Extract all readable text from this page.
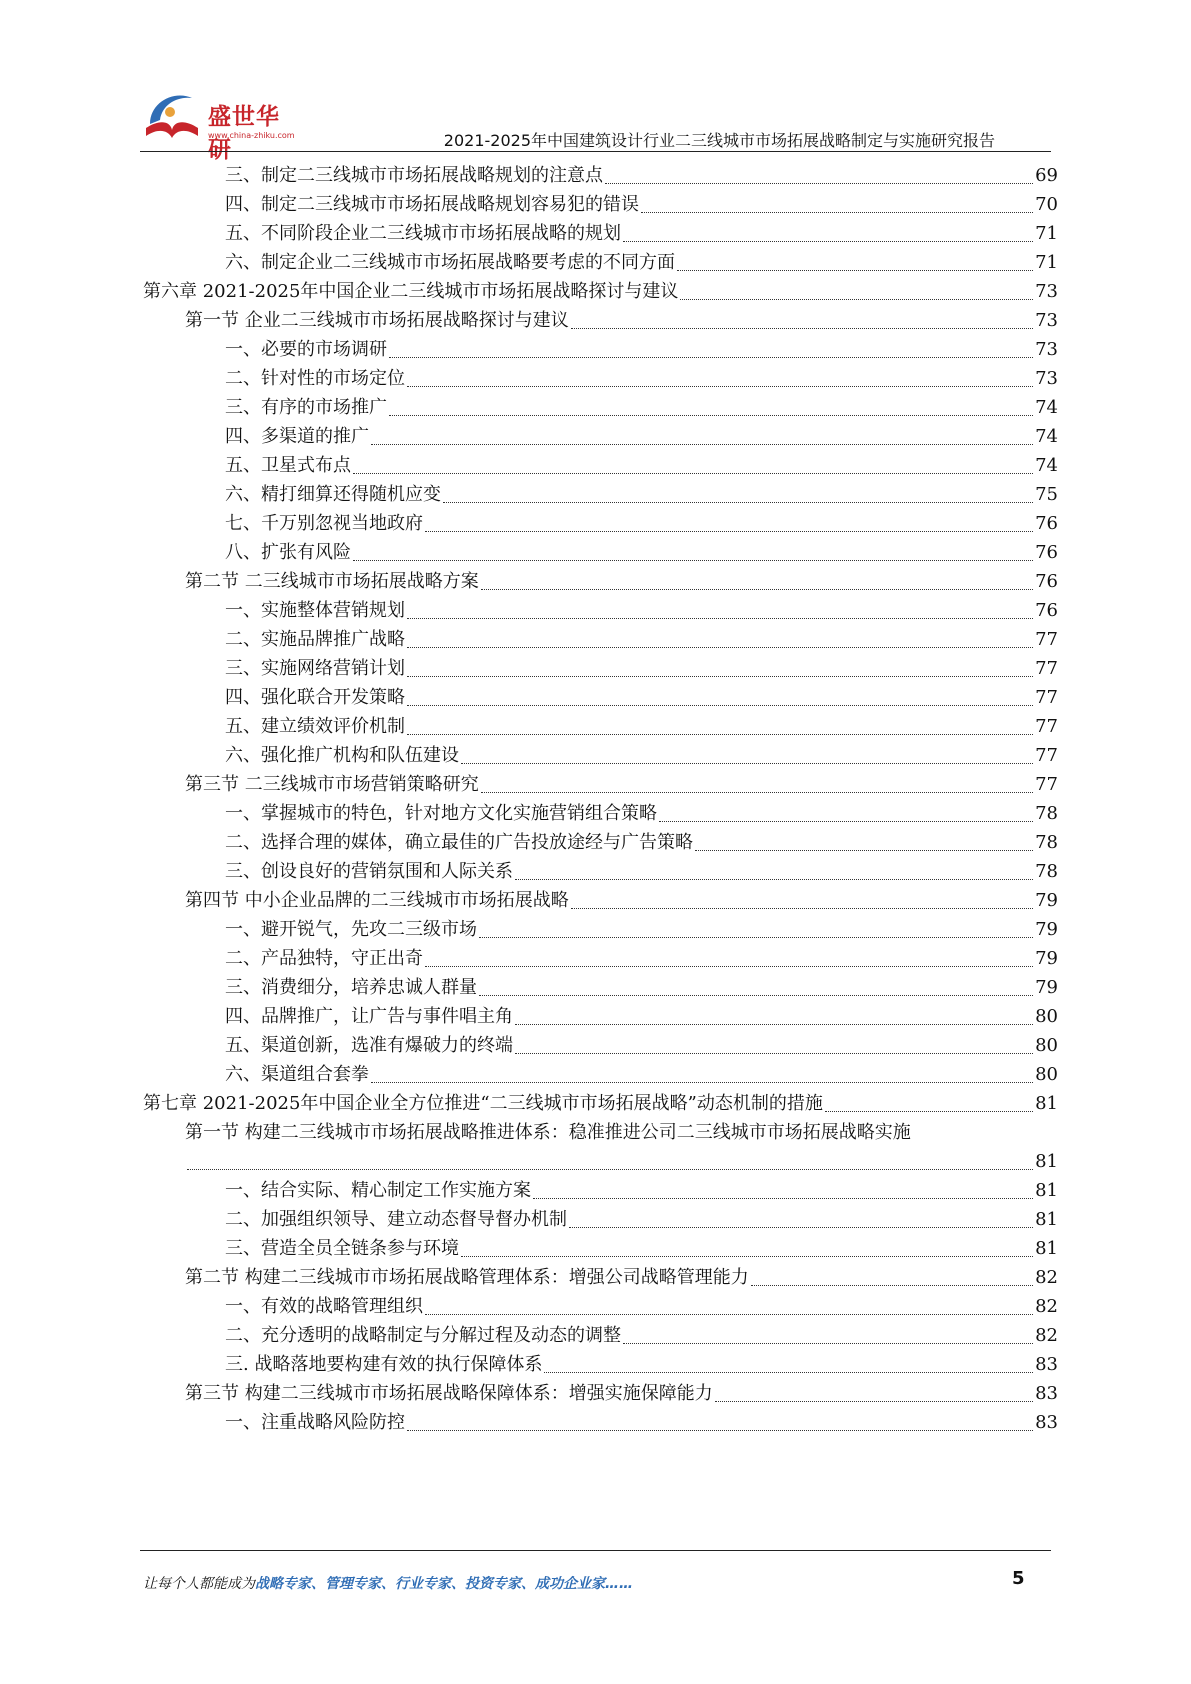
盛世华研
www.china-zhiku.com	2021-2025年中国建筑设计行业二三线城市市场拓展战略制定与实施研究报告
三、制定二三线城市市场拓展战略规划的注意点	69
四、制定二三线城市市场拓展战略规划容易犯的错误	70
五、不同阶段企业二三线城市市场拓展战略的规划	71
六、制定企业二三线城市市场拓展战略要考虑的不同方面	71
第六章 2021-2025年中国企业二三线城市市场拓展战略探讨与建议	73
第一节 企业二三线城市市场拓展战略探讨与建议	73
一、必要的市场调研	73
二、针对性的市场定位	73
三、有序的市场推广	74
四、多渠道的推广	74
五、卫星式布点	74
六、精打细算还得随机应变	75
七、千万别忽视当地政府	76
八、扩张有风险	76
第二节 二三线城市市场拓展战略方案	76
一、实施整体营销规划	76
二、实施品牌推广战略	77
三、实施网络营销计划	77
四、强化联合开发策略	77
五、建立绩效评价机制	77
六、强化推广机构和队伍建设	77
第三节 二三线城市市场营销策略研究	77
一、掌握城市的特色，针对地方文化实施营销组合策略	78
二、选择合理的媒体，确立最佳的广告投放途经与广告策略	78
三、创设良好的营销氛围和人际关系	78
第四节 中小企业品牌的二三线城市市场拓展战略	79
一、避开锐气，先攻二三级市场	79
二、产品独特，守正出奇	79
三、消费细分，培养忠诚人群量	79
四、品牌推广，让广告与事件唱主角	80
五、渠道创新，选准有爆破力的终端	80
六、渠道组合套拳	80
第七章 2021-2025年中国企业全方位推进“二三线城市市场拓展战略”动态机制的措施	81
第一节 构建二三线城市市场拓展战略推进体系：稳准推进公司二三线城市市场拓展战略实施
81
一、结合实际、精心制定工作实施方案	81
二、加强组织领导、建立动态督导督办机制	81
三、营造全员全链条参与环境	81
第二节 构建二三线城市市场拓展战略管理体系：增强公司战略管理能力	82
一、有效的战略管理组织	82
二、充分透明的战略制定与分解过程及动态的调整	82
三. 战略落地要构建有效的执行保障体系	83
第三节 构建二三线城市市场拓展战略保障体系：增强实施保障能力	83
一、注重战略风险防控	83
让每个人都能成为战略专家、管理专家、行业专家、投资专家、成功企业家……	5
